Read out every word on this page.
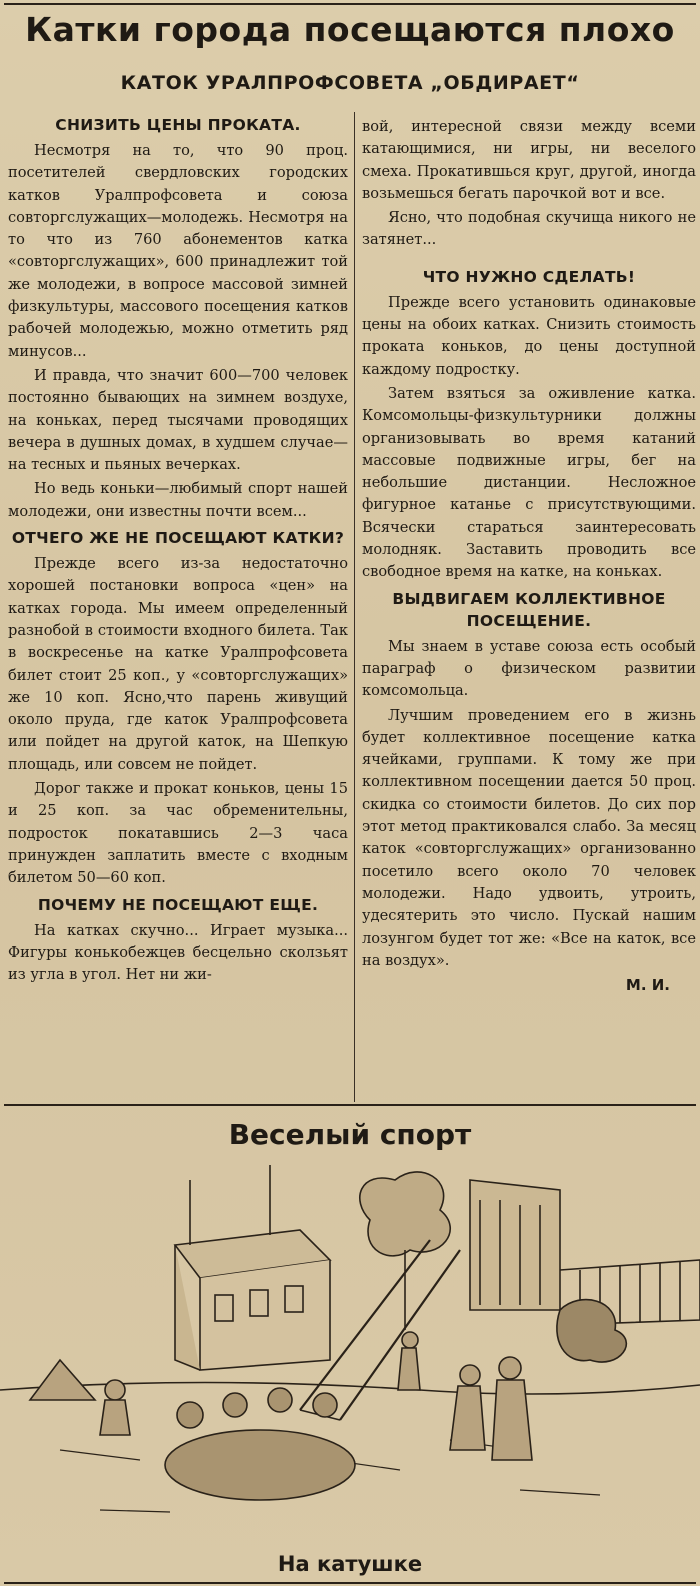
Катки города посещаются плохо
КАТОК УРАЛПРОФСОВЕТА „ОБДИРАЕТ“
СНИЗИТЬ ЦЕНЫ ПРОКАТА.

Несмотря на то, что 90 проц. посетителей свердловских городских катков Уралпрофсовета и союза совторгслужащих—молодежь. Несмотря на то что из 760 абонементов катка «совторгслужащих», 600 принадлежит той же молодежи, в вопросе массовой зимней физкультуры, массового посещения катков рабочей молодежью, можно отметить ряд минусов...

И правда, что значит 600—700 человек постоянно бывающих на зимнем воздухе, на коньках, перед тысячами проводящих вечера в душных домах, в худшем случае—на тесных и пьяных вечерках.

Но ведь коньки—любимый спорт нашей молодежи, они известны почти всем...

ОТЧЕГО ЖЕ НЕ ПОСЕЩАЮТ КАТКИ?

Прежде всего из-за недостаточно хорошей постановки вопроса «цен» на катках города. Мы имеем определенный разнобой в стоимости входного билета. Так в воскресенье на катке Уралпрофсовета билет стоит 25 коп., у «совторгслужащих» же 10 коп. Ясно,что парень живущий около пруда, где каток Уралпрофсовета или пойдет на другой каток, на Шепкую площадь, или совсем не пойдет.

Дорог также и прокат коньков, цены 15 и 25 коп. за час обременительны, подросток покатавшись 2—3 часа принужден заплатить вместе с входным билетом 50—60 коп.

ПОЧЕМУ НЕ ПОСЕЩАЮТ ЕЩЕ.

На катках скучно... Играет музыка... Фигуры конькобежцев бесцельно сколзьят из угла в угол. Нет ни жи-

вой, интересной связи между всеми катающимися, ни игры, ни веселого смеха. Прокатившься круг, другой, иногда возьмешься бегать парочкой вот и все.

Ясно, что подобная скучища никого не затянет...

ЧТО НУЖНО СДЕЛАТЬ!

Прежде всего установить одинаковые цены на обоих катках. Снизить стоимость проката коньков, до цены доступной каждому подростку.

Затем взяться за оживление катка. Комсомольцы-физкультурники должны организовывать во время катаний массовые подвижные игры, бег на небольшие дистанции. Несложное фигурное катанье с присутствующими. Всячески стараться заинтересовать молодняк. Заставить проводить все свободное время на катке, на коньках.

ВЫДВИГАЕМ КОЛЛЕКТИВНОЕ ПОСЕЩЕНИЕ.

Мы знаем в уставе союза есть особый параграф о физическом развитии комсомольца.

Лучшим проведением его в жизнь будет коллективное посещение катка ячейками, группами. К тому же при коллективном посещении дается 50 проц. скидка со стоимости билетов. До сих пор этот метод практиковался слабо. За месяц каток «совторгслужащих» организованно посетило всего около 70 человек молодежи. Надо удвоить, утроить, удесятерить это число. Пускай нашим лозунгом будет тот же: «Все на каток, все на воздух».

М. И.
Веселый спорт
На катушке
